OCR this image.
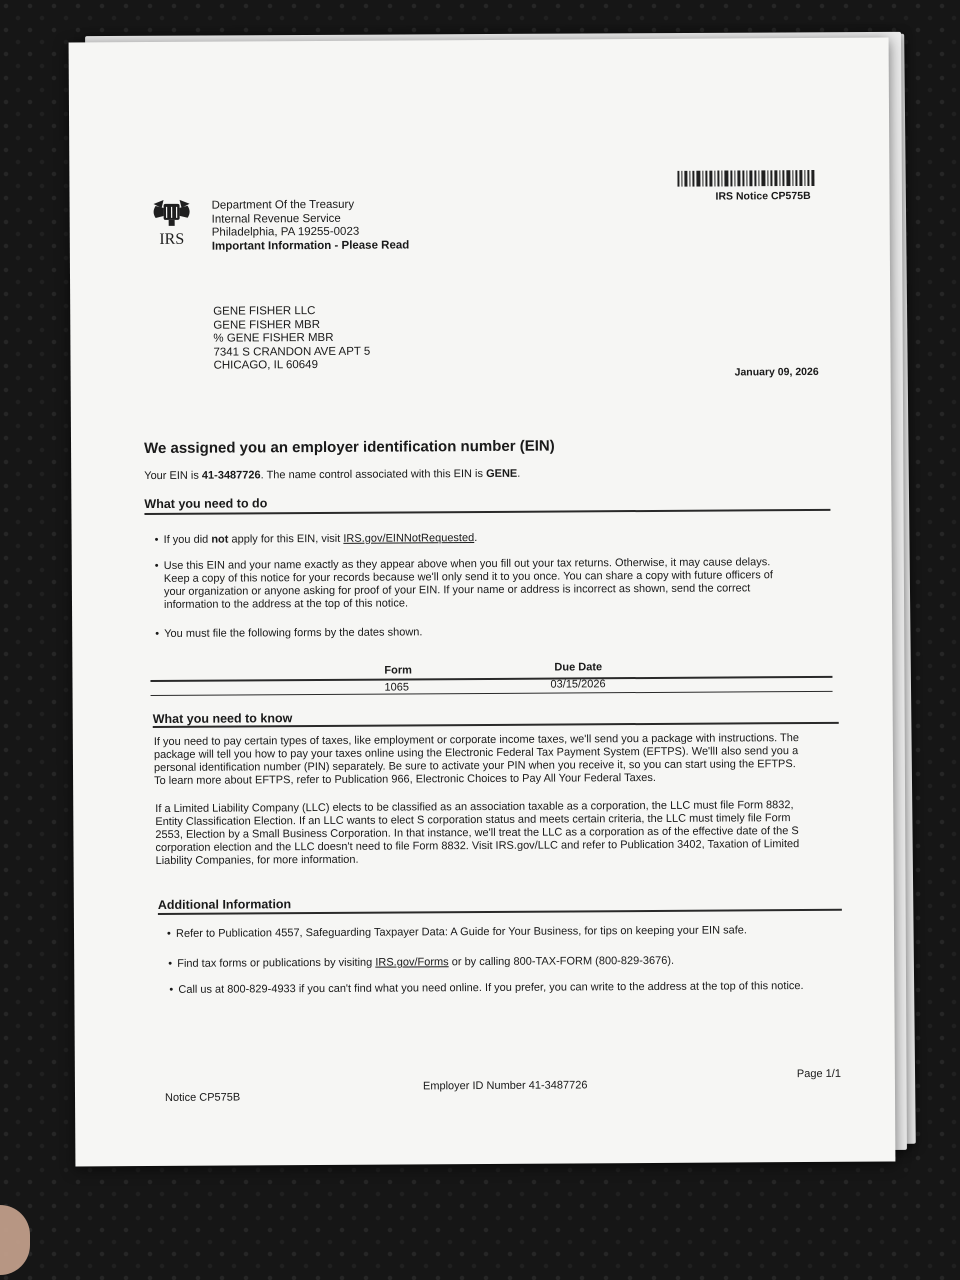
IRS
Department Of the Treasury
Internal Revenue Service
Philadelphia, PA 19255-0023
Important Information - Please Read
IRS Notice CP575B
GENE FISHER LLC
GENE FISHER MBR
% GENE FISHER MBR
7341 S CRANDON AVE APT 5
CHICAGO, IL 60649
January 09, 2026
We assigned you an employer identification number (EIN)
Your EIN is 41-3487726. The name control associated with this EIN is GENE.
What you need to do
• If you did not apply for this EIN, visit IRS.gov/EINNotRequested.
• Use this EIN and your name exactly as they appear above when you fill out your tax returns. Otherwise, it may cause delays.
Keep a copy of this notice for your records because we'll only send it to you once. You can share a copy with future officers of
your organization or anyone asking for proof of your EIN. If your name or address is incorrect as shown, send the correct
information to the address at the top of this notice.
• You must file the following forms by the dates shown.
Form	Due Date
1065	03/15/2026
What you need to know
If you need to pay certain types of taxes, like employment or corporate income taxes, we'll send you a package with instructions. The
package will tell you how to pay your taxes online using the Electronic Federal Tax Payment System (EFTPS). We'llI also send you a
personal identification number (PIN) separately. Be sure to activate your PIN when you receive it, so you can start using the EFTPS.
To learn more about EFTPS, refer to Publication 966, Electronic Choices to Pay All Your Federal Taxes.
If a Limited Liability Company (LLC) elects to be classified as an association taxable as a corporation, the LLC must file Form 8832,
Entity Classification Election. If an LLC wants to elect S corporation status and meets certain criteria, the LLC must timely file Form
2553, Election by a Small Business Corporation. In that instance, we'll treat the LLC as a corporation as of the effective date of the S
corporation election and the LLC doesn't need to file Form 8832. Visit IRS.gov/LLC and refer to Publication 3402, Taxation of Limited
Liability Companies, for more information.
Additional Information
• Refer to Publication 4557, Safeguarding Taxpayer Data: A Guide for Your Business, for tips on keeping your EIN safe.
• Find tax forms or publications by visiting IRS.gov/Forms or by calling 800-TAX-FORM (800-829-3676).
• Call us at 800-829-4933 if you can't find what you need online. If you prefer, you can write to the address at the top of this notice.
Notice CP575B
Employer ID Number 41-3487726
Page 1/1
